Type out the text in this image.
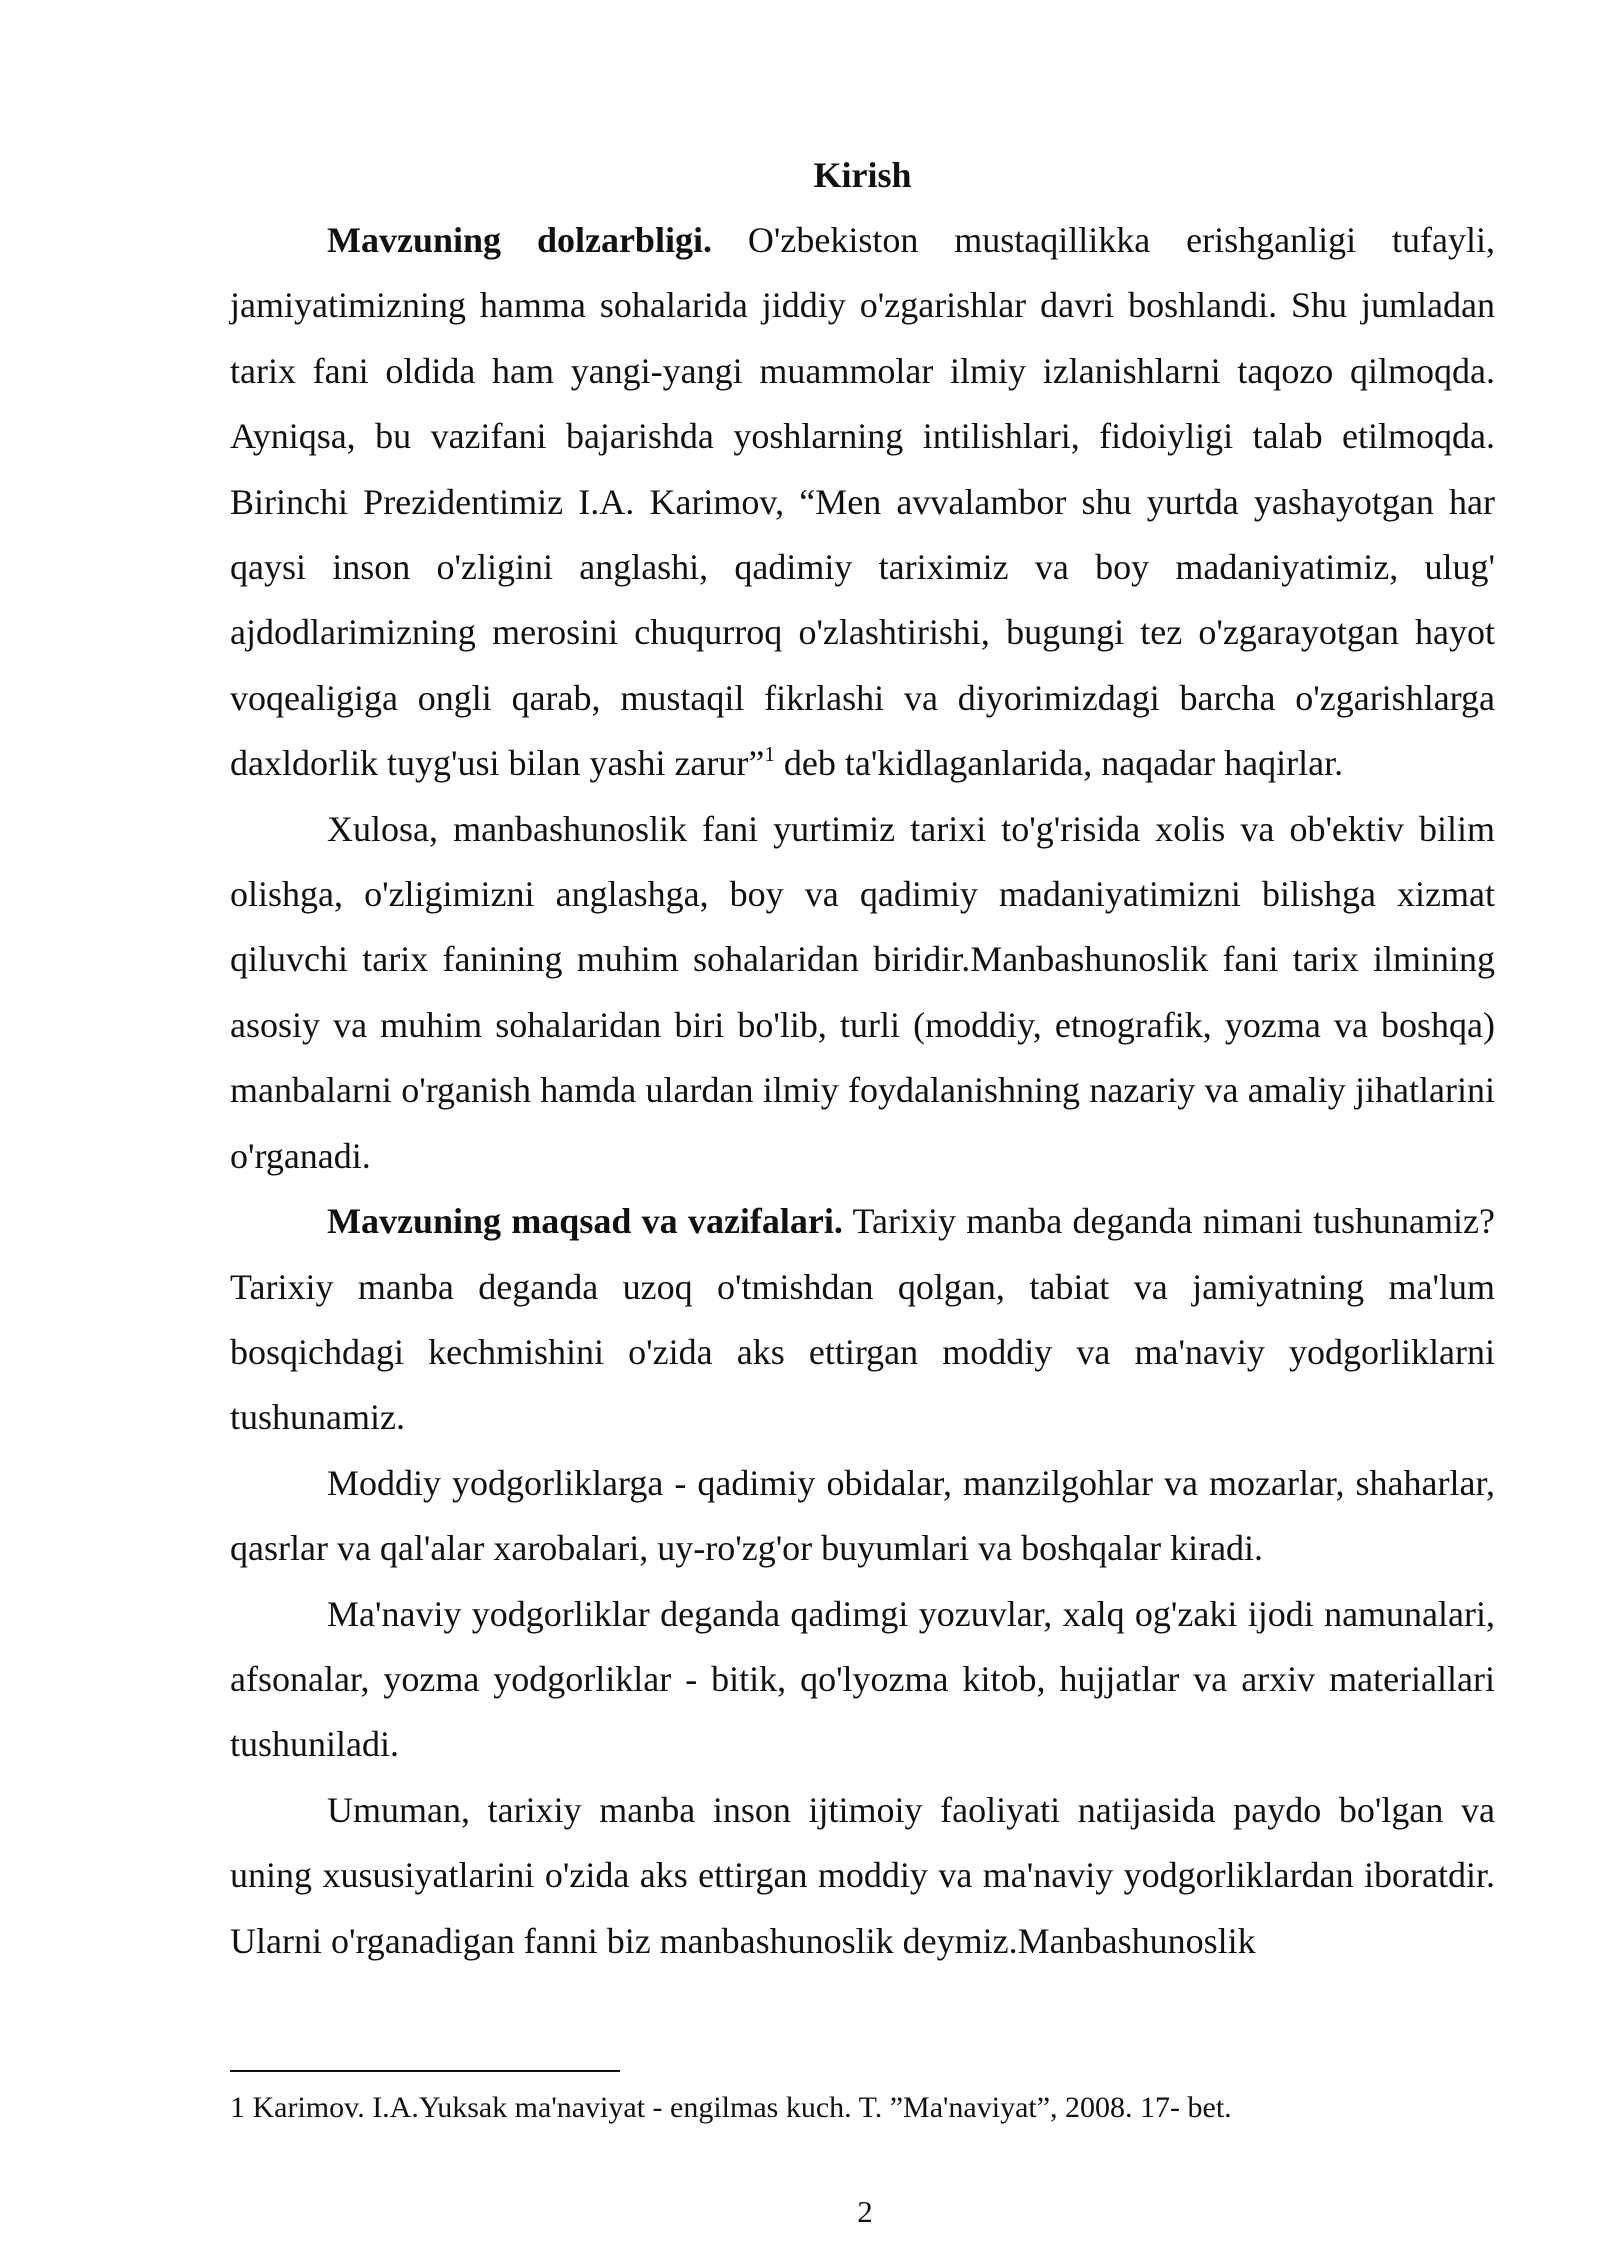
Kirish

Mavzuning dolzarbligi. O'zbekiston mustaqillikka erishganligi tufayli, jamiyatimizning hamma sohalarida jiddiy o'zgarishlar davri boshlandi. Shu jumladan tarix fani oldida ham yangi-yangi muammolar ilmiy izlanishlarni taqozo qilmoqda. Ayniqsa, bu vazifani bajarishda yoshlarning intilishlari, fidoiyligi talab etilmoqda. Birinchi Prezidentimiz I.A. Karimov, “Men avvalambor shu yurtda yashayotgan har qaysi inson o'zligini anglashi, qadimiy tariximiz va boy madaniyatimiz, ulug' ajdodlarimizning merosini chuqurroq o'zlashtirishi, bugungi tez o'zgarayotgan hayot voqealigiga ongli qarab, mustaqil fikrlashi va diyorimizdagi barcha o'zgarishlarga daxldorlik tuyg'usi bilan yashi zarur”$^1$ deb ta'kidlaganlarida, naqadar haqirlar.

Xulosa, manbashunoslik fani yurtimiz tarixi to'g'risida xolis va ob'ektiv bilim olishga, o'zligimizni anglashga, boy va qadimiy madaniyatimizni bilishga xizmat qiluvchi tarix fanining muhim sohalaridan biridir.Manbashunoslik fani tarix ilmining asosiy va muhim sohalaridan biri bo'lib, turli (moddiy, etnografik, yozma va boshqa) manbalarni o'rganish hamda ulardan ilmiy foydalanishning nazariy va amaliy jihatlarini o'rganadi.

Mavzuning maqsad va vazifalari. Tarixiy manba deganda nimani tushunamiz? Tarixiy manba deganda uzoq o'tmishdan qolgan, tabiat va jamiyatning ma'lum bosqichdagi kechmishini o'zida aks ettirgan moddiy va ma'naviy yodgorliklarni tushunamiz.

Moddiy yodgorliklarga - qadimiy obidalar, manzilgohlar va mozarlar, shaharlar, qasrlar va qal'alar xarobalari, uy-ro'zg'or buyumlari va boshqalar kiradi.

Ma'naviy yodgorliklar deganda qadimgi yozuvlar, xalq og'zaki ijodi namunalari, afsonalar, yozma yodgorliklar - bitik, qo'lyozma kitob, hujjatlar va arxiv materiallari tushuniladi.

Umuman, tarixiy manba inson ijtimoiy faoliyati natijasida paydo bo'lgan va uning xususiyatlarini o'zida aks ettirgan moddiy va ma'naviy yodgorliklardan iboratdir. Ularni o'rganadigan fanni biz manbashunoslik deymiz.Manbashunoslik

1 Karimov. I.A.Yuksak ma'naviyat - engilmas kuch. T. ”Ma'naviyat”, 2008. 17- bet.
2
